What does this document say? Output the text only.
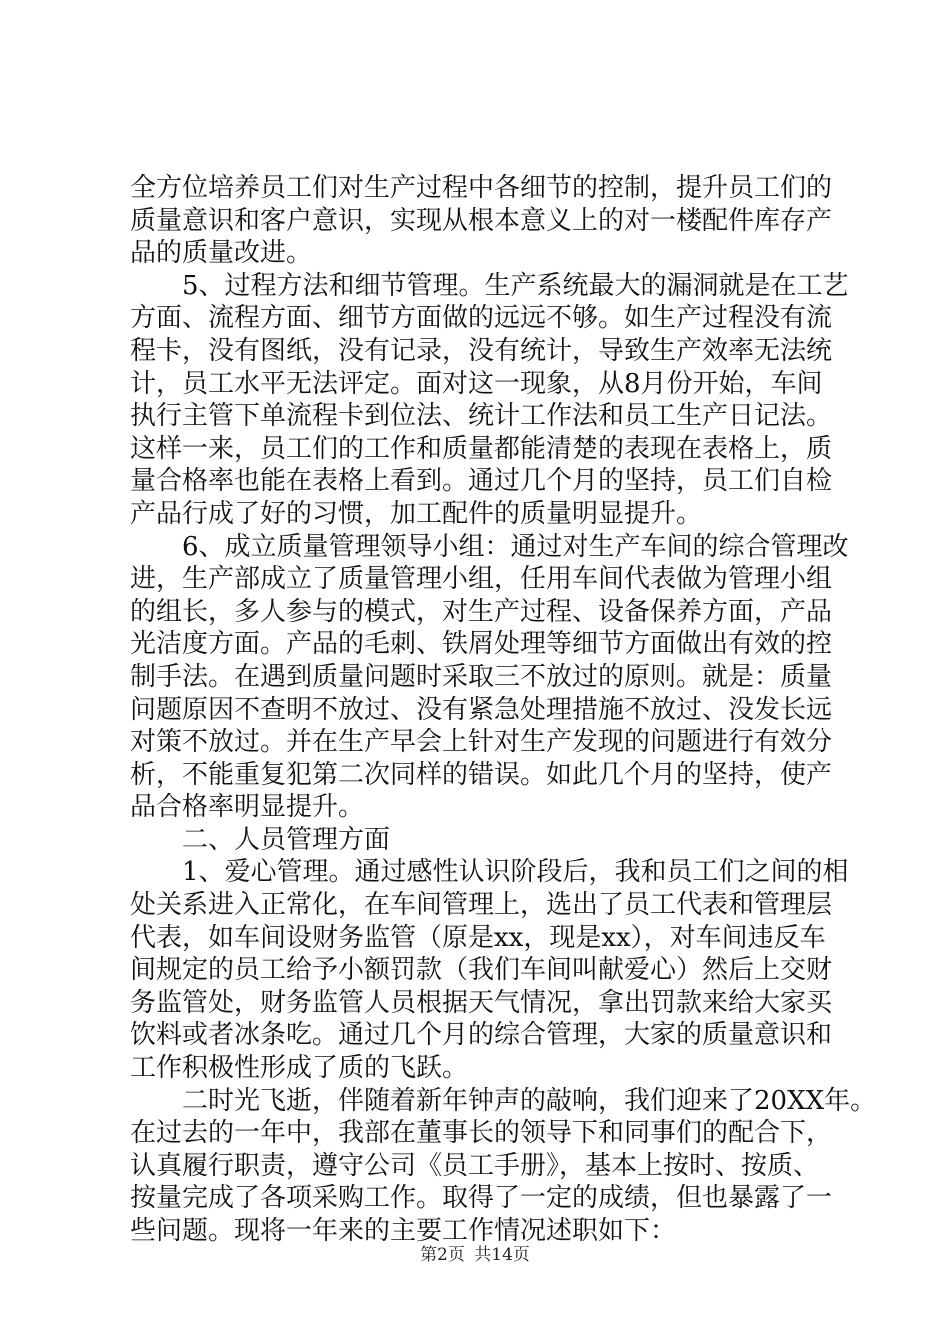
全方位培养员工们对生产过程中各细节的控制，提升员工们的
质量意识和客户意识，实现从根本意义上的对一楼配件库存产
品的质量改进。
　　5、过程方法和细节管理。生产系统最大的漏洞就是在工艺
方面、流程方面、细节方面做的远远不够。如生产过程没有流
程卡，没有图纸，没有记录，没有统计，导致生产效率无法统
计，员工水平无法评定。面对这一现象，从8月份开始，车间
执行主管下单流程卡到位法、统计工作法和员工生产日记法。
这样一来，员工们的工作和质量都能清楚的表现在表格上，质
量合格率也能在表格上看到。通过几个月的坚持，员工们自检
产品行成了好的习惯，加工配件的质量明显提升。
　　6、成立质量管理领导小组：通过对生产车间的综合管理改
进，生产部成立了质量管理小组，任用车间代表做为管理小组
的组长，多人参与的模式，对生产过程、设备保养方面，产品
光洁度方面。产品的毛刺、铁屑处理等细节方面做出有效的控
制手法。在遇到质量问题时采取三不放过的原则。就是：质量
问题原因不查明不放过、没有紧急处理措施不放过、没发长远
对策不放过。并在生产早会上针对生产发现的问题进行有效分
析，不能重复犯第二次同样的错误。如此几个月的坚持，使产
品合格率明显提升。
　　二、人员管理方面
　　1、爱心管理。通过感性认识阶段后，我和员工们之间的相
处关系进入正常化，在车间管理上，选出了员工代表和管理层
代表，如车间设财务监管（原是xx，现是xx），对车间违反车
间规定的员工给予小额罚款（我们车间叫献爱心）然后上交财
务监管处，财务监管人员根据天气情况，拿出罚款来给大家买
饮料或者冰条吃。通过几个月的综合管理，大家的质量意识和
工作积极性形成了质的飞跃。
　　二时光飞逝，伴随着新年钟声的敲响，我们迎来了20XX年。
在过去的一年中，我部在董事长的领导下和同事们的配合下，
认真履行职责，遵守公司《员工手册》，基本上按时、按质、
按量完成了各项采购工作。取得了一定的成绩，但也暴露了一
些问题。现将一年来的主要工作情况述职如下：
第2页 共14页
